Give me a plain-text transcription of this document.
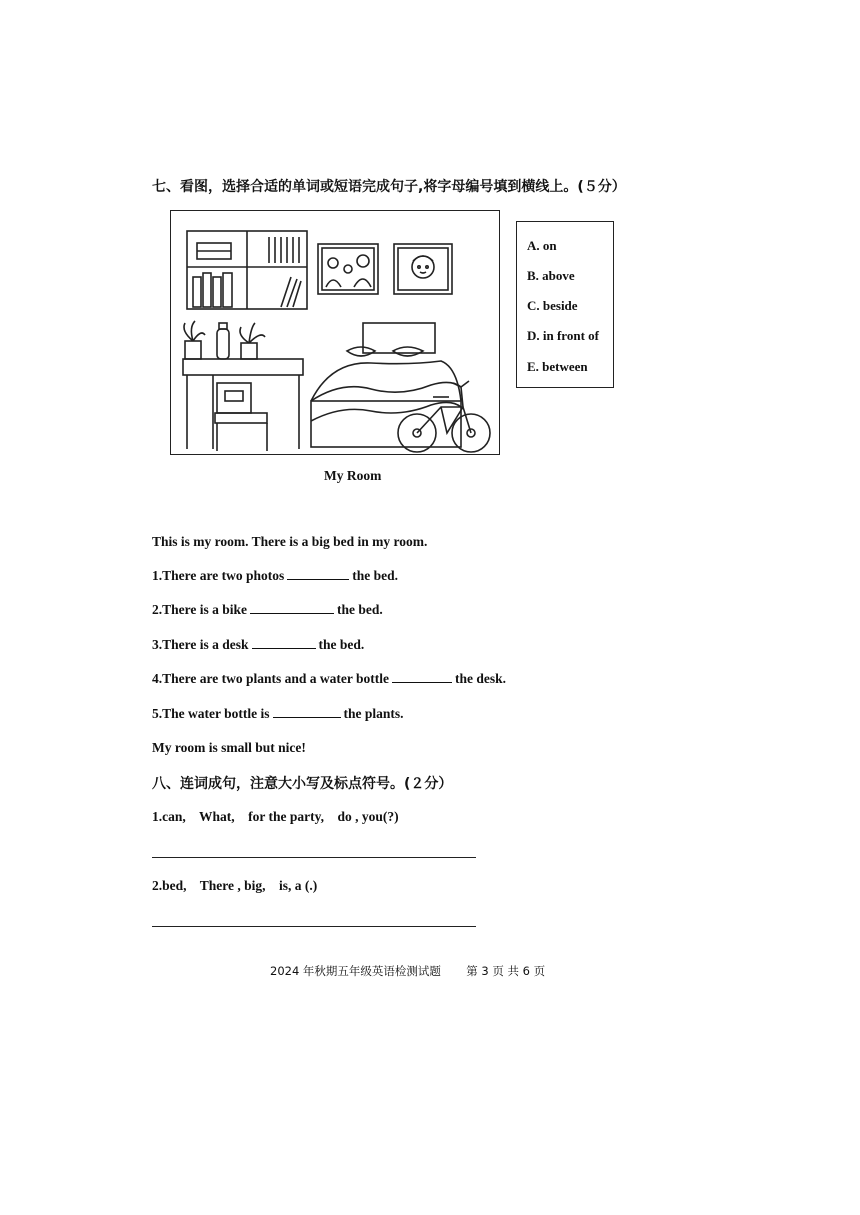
七、看图，选择合适的单词或短语完成句子,将字母编号填到横线上。(５分）
A. on
B. above
C. beside
D. in front of
E. between
My Room
This is my room. There is a big bed in my room.
1.There are two photos	the bed.
2.There is a bike	the bed.
3.There is a desk	the bed.
4.There are two plants and a water bottle	the desk.
5.The water bottle is	the plants.
My room is small but nice!
八、连词成句，注意大小写及标点符号。(２分）
1.can,    What,    for the party,    do , you(?)
2.bed,    There , big,    is, a (.)
2024 年秋期五年级英语检测试题 第 3 页 共 6 页
